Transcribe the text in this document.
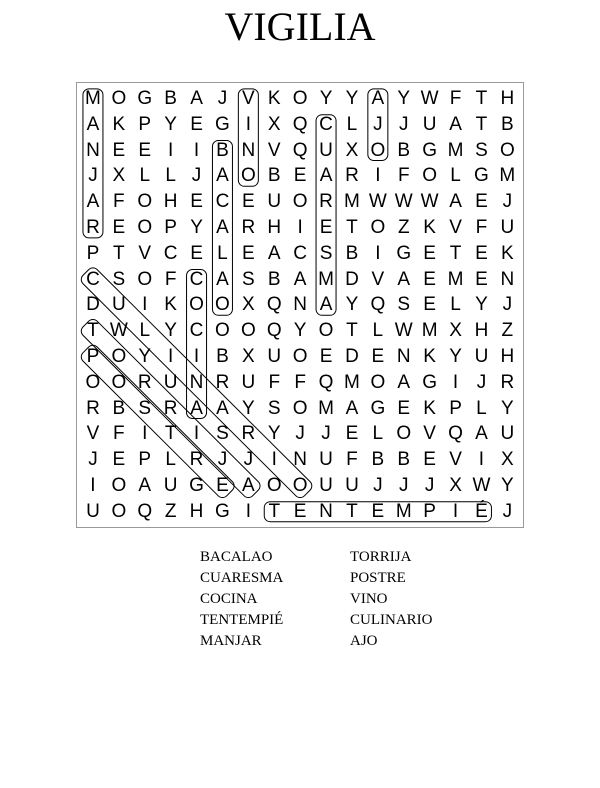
VIGILIA
M O G B A J V K O Y Y A Y W F T H
A K P Y E G I X Q C L J J U A T B
N E E I	I B N V Q U X O B G M S O
J X L L J A O B E A R I F O L G M
A F O H E C E U O R M W W W A E J
R E O P Y A R H I E T O Z K V F U
P T V C E L E A C S B I G E T E K
C S O F C A S B A M D V A E M E N
D U I K O O X Q N A Y Q S E L Y J
T W L Y C O O Q Y O T L W M X H Z
P O Y I	I B X U O E D E N K Y U H
O O R U N R U F F Q M O A G I J R
R B S R A A Y S O M A G E K P L Y
V F I T I S R Y J J E L O V Q A U
J E P L R J J I N U F B B E V I X
I O A U G E A O O U U J J J X W Y
U O Q Z H G I T E N T E M P I É J
BACALAO
CUARESMA
COCINA
TENTEMPIÉ
MANJAR
TORRIJA
POSTRE
VINO
CULINARIO
AJO
